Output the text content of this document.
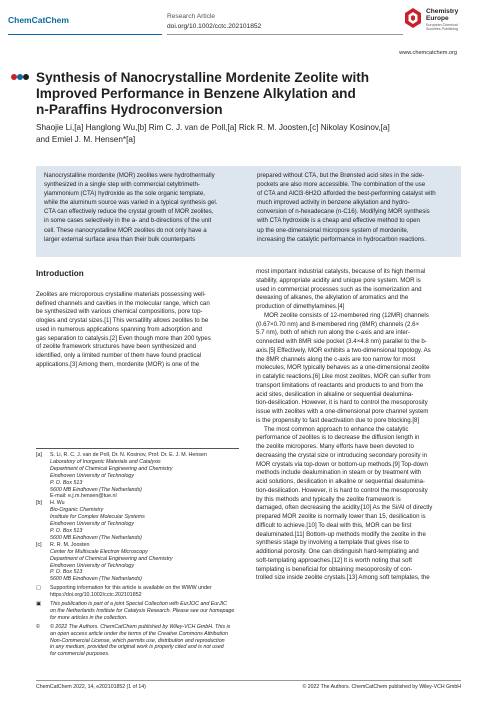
ChemCatChem	Research Article
doi.org/10.1002/cctc.202101852
Chemistry
Europe
European Chemical
Societies Publishing
www.chemcatchem.org
Synthesis of Nanocrystalline Mordenite Zeolite with
Improved Performance in Benzene Alkylation and
n-Paraffins Hydroconversion
Shaojie Li,[a] Hanglong Wu,[b] Rim C. J. van de Poll,[a] Rick R. M. Joosten,[c] Nikolay Kosinov,[a]
and Emiel J. M. Hensen*[a]
Nanocrystalline mordenite (MOR) zeolites were hydrothermally
synthesized in a single step with commercial cetyltrimeth-
ylammonium (CTA) hydroxide as the sole organic template,
while the aluminum source was varied in a typical synthesis gel.
CTA can effectively reduce the crystal growth of MOR zeolites,
in some cases selectively in the a- and b-directions of the unit
cell. These nanocrystalline MOR zeolites do not only have a
larger external surface area than their bulk counterparts
prepared without CTA, but the Brønsted acid sites in the side-
pockets are also more accessible. The combination of the use
of CTA and AlCl3·6H2O afforded the best-performing catalyst with
much improved activity in benzene alkylation and hydro-
conversion of n-hexadecane (n-C16). Modifying MOR synthesis
with CTA hydroxide is a cheap and effective method to open
up the one-dimensional micropore system of mordenite,
increasing the catalytic performance in hydrocarbon reactions.
Introduction
Zeolites are microporous crystalline materials possessing well-
defined channels and cavities in the molecular range, which can
be synthesized with various chemical compositions, pore top-
ologies and crystal sizes.[1] This versatility allows zeolites to be
used in numerous applications spanning from adsorption and
gas separation to catalysis.[2] Even though more than 200 types
of zeolite framework structures have been synthesized and
identified, only a limited number of them have found practical
applications.[3] Among them, mordenite (MOR) is one of the
most important industrial catalysts, because of its high thermal
stability, appropriate acidity and unique pore system. MOR is
used in commercial processes such as the isomerization and
dewaxing of alkanes, the alkylation of aromatics and the
production of dimethylamines.[4]
MOR zeolite consists of 12-membered ring (12MR) channels
(0.67×0.70 nm) and 8-membered ring (8MR) channels (2.6×
5.7 nm), both of which run along the c-axis and are inter-
connected with 8MR side pocket (3.4×4.8 nm) parallel to the b-
axis.[5] Effectively, MOR exhibits a two-dimensional topology. As
the 8MR channels along the c-axis are too narrow for most
molecules, MOR typically behaves as a one-dimensional zeolite
in catalytic reactions.[6] Like most zeolites, MOR can suffer from
transport limitations of reactants and products to and from the
acid sites, desilication in alkaline or sequential dealumina-
tion-desilication. However, it is hard to control the mesoporosity
issue with zeolites with a one-dimensional pore channel system
is the propensity to fast deactivation due to pore blocking.[8]
The most common approach to enhance the catalytic
performance of zeolites is to decrease the diffusion length in
the zeolite micropores. Many efforts have been devoted to
decreasing the crystal size or introducing secondary porosity in
MOR crystals via top-down or bottom-up methods.[9] Top-down
methods include dealumination in steam or by treatment with
acid solutions, desilication in alkaline or sequential dealumina-
tion-desilication. However, it is hard to control the mesoporosity
by this methods and typically the zeolite framework is
damaged, often decreasing the acidity.[10] As the Si/Al of directly
prepared MOR zeolite is normally lower than 15, desilication is
difficult to achieve.[10] To deal with this, MOR can be first
dealuminated.[11] Bottom-up methods modify the zeolite in the
synthesis stage by involving a template that gives rise to
additional porosity. One can distinguish hard-templating and
soft-templating approaches.[12] It is worth noting that soft
templating is beneficial for obtaining mesoporosity of con-
trolled size inside zeolite crystals.[13] Among soft templates, the
[a] S. Li, R. C. J. van de Poll, Dr. N. Kosinov, Prof. Dr. E. J. M. Hensen
Laboratory of Inorganic Materials and Catalysis
Department of Chemical Engineering and Chemistry
Eindhoven University of Technology
P. O. Box 513
5600 MB Eindhoven (The Netherlands)
E-mail: e.j.m.hensen@tue.nl
[b] H. Wu
Bio-Organic Chemistry
Institute for Complex Molecular Systems
Eindhoven University of Technology
P. O. Box 513
5600 MB Eindhoven (The Netherlands)
[c] R. R. M. Joosten
Center for Multiscale Electron Microscopy
Department of Chemical Engineering and Chemistry
Eindhoven University of Technology
P. O. Box 513
5600 MB Eindhoven (The Netherlands)
▢ Supporting information for this article is available on the WWW under
https://doi.org/10.1002/cctc.202101852
▣ This publication is part of a joint Special Collection with EurJOC and EurJIC
on the Netherlands Institute for Catalysis Research. Please see our homepage
for more articles in the collection.
© © 2022 The Authors. ChemCatChem published by Wiley-VCH GmbH. This is
an open access article under the terms of the Creative Commons Attribution
Non-Commercial License, which permits use, distribution and reproduction
in any medium, provided the original work is properly cited and is not used
for commercial purposes.
ChemCatChem 2022, 14, e202101852 (1 of 14)	© 2022 The Authors. ChemCatChem published by Wiley-VCH GmbH
